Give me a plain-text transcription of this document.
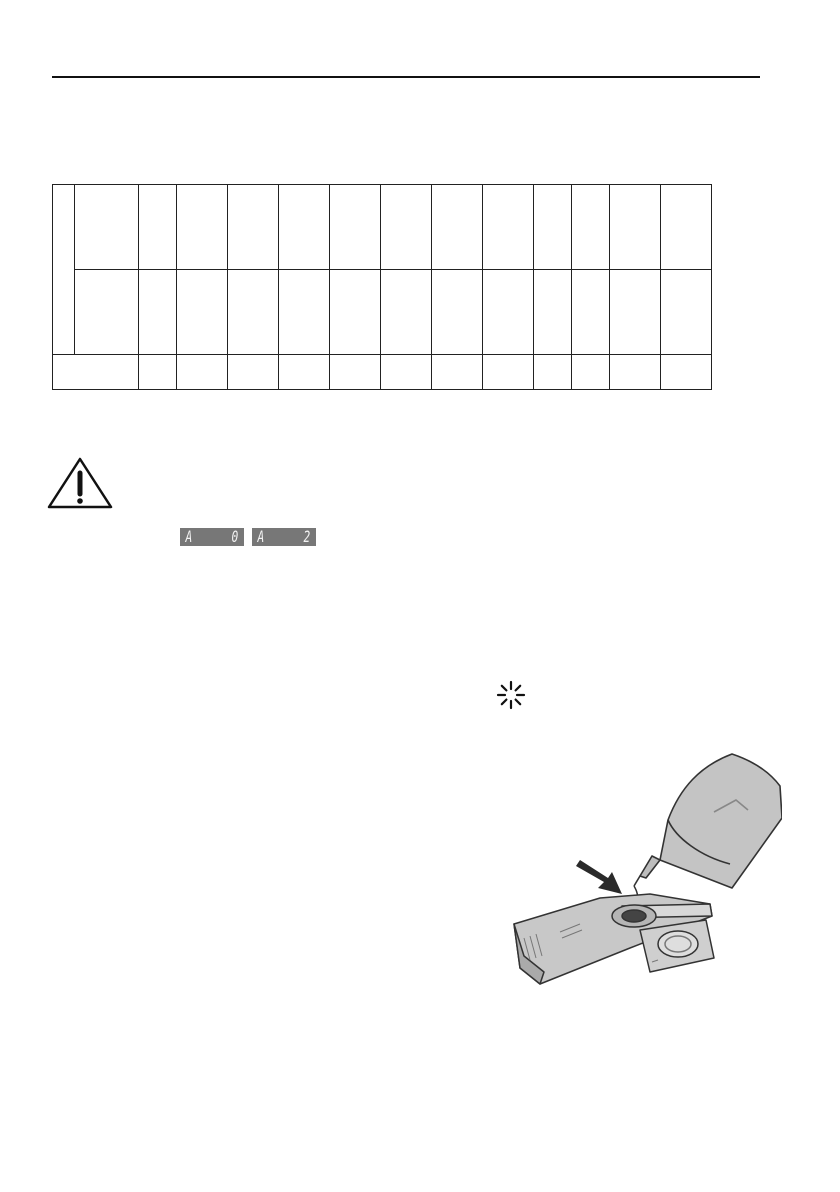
A 0 A 2
